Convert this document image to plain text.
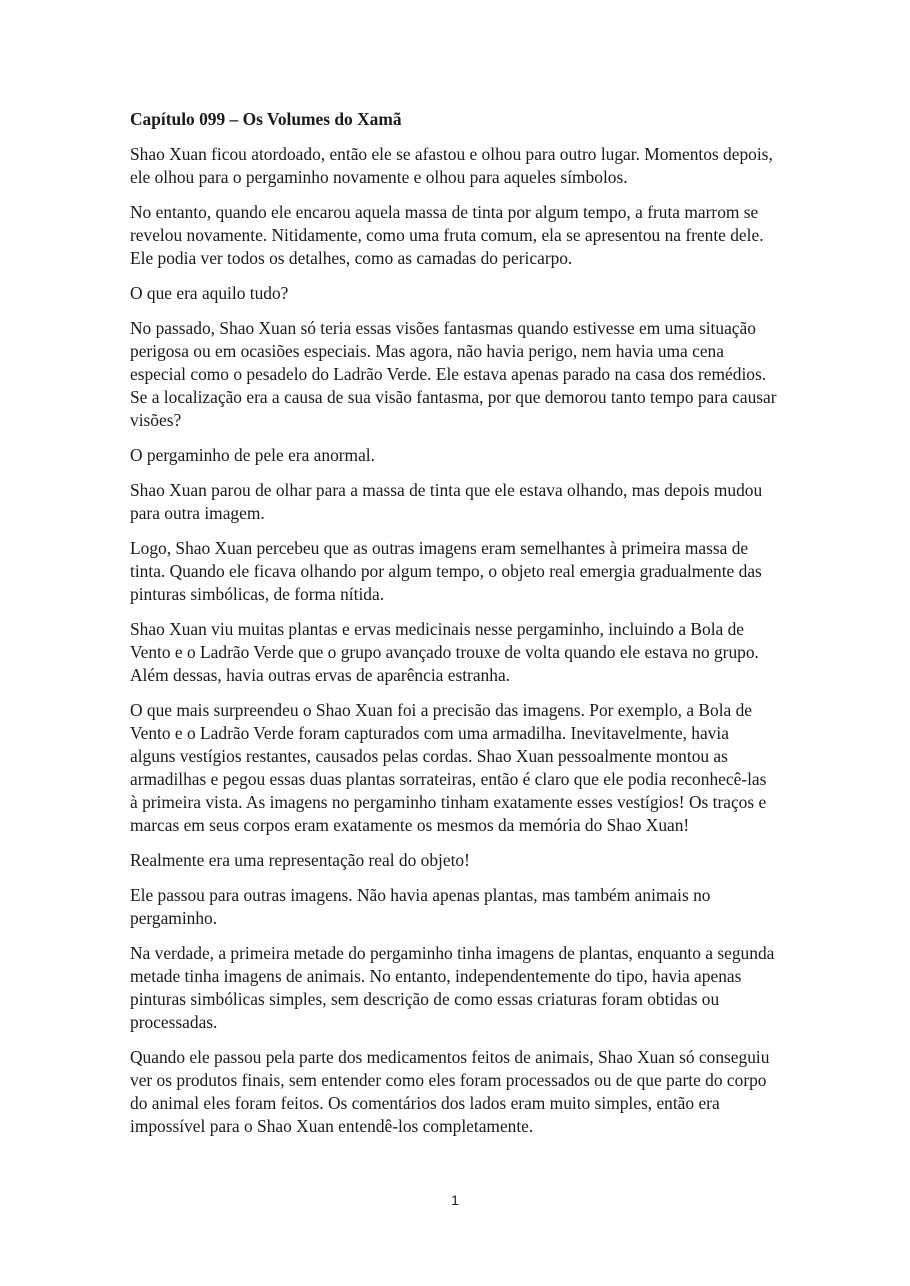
Capítulo 099 – Os Volumes do Xamã

Shao Xuan ficou atordoado, então ele se afastou e olhou para outro lugar. Momentos depois, ele olhou para o pergaminho novamente e olhou para aqueles símbolos.

No entanto, quando ele encarou aquela massa de tinta por algum tempo, a fruta marrom se revelou novamente. Nitidamente, como uma fruta comum, ela se apresentou na frente dele. Ele podia ver todos os detalhes, como as camadas do pericarpo.

O que era aquilo tudo?

No passado, Shao Xuan só teria essas visões fantasmas quando estivesse em uma situação perigosa ou em ocasiões especiais. Mas agora, não havia perigo, nem havia uma cena especial como o pesadelo do Ladrão Verde. Ele estava apenas parado na casa dos remédios. Se a localização era a causa de sua visão fantasma, por que demorou tanto tempo para causar visões?

O pergaminho de pele era anormal.

Shao Xuan parou de olhar para a massa de tinta que ele estava olhando, mas depois mudou para outra imagem.

Logo, Shao Xuan percebeu que as outras imagens eram semelhantes à primeira massa de tinta. Quando ele ficava olhando por algum tempo, o objeto real emergia gradualmente das pinturas simbólicas, de forma nítida.

Shao Xuan viu muitas plantas e ervas medicinais nesse pergaminho, incluindo a Bola de Vento e o Ladrão Verde que o grupo avançado trouxe de volta quando ele estava no grupo. Além dessas, havia outras ervas de aparência estranha.

O que mais surpreendeu o Shao Xuan foi a precisão das imagens. Por exemplo, a Bola de Vento e o Ladrão Verde foram capturados com uma armadilha. Inevitavelmente, havia alguns vestígios restantes, causados pelas cordas. Shao Xuan pessoalmente montou as armadilhas e pegou essas duas plantas sorrateiras, então é claro que ele podia reconhecê-las à primeira vista. As imagens no pergaminho tinham exatamente esses vestígios! Os traços e marcas em seus corpos eram exatamente os mesmos da memória do Shao Xuan!

Realmente era uma representação real do objeto!

Ele passou para outras imagens. Não havia apenas plantas, mas também animais no pergaminho.

Na verdade, a primeira metade do pergaminho tinha imagens de plantas, enquanto a segunda metade tinha imagens de animais. No entanto, independentemente do tipo, havia apenas pinturas simbólicas simples, sem descrição de como essas criaturas foram obtidas ou processadas.

Quando ele passou pela parte dos medicamentos feitos de animais, Shao Xuan só conseguiu ver os produtos finais, sem entender como eles foram processados ou de que parte do corpo do animal eles foram feitos. Os comentários dos lados eram muito simples, então era impossível para o Shao Xuan entendê-los completamente.

1
